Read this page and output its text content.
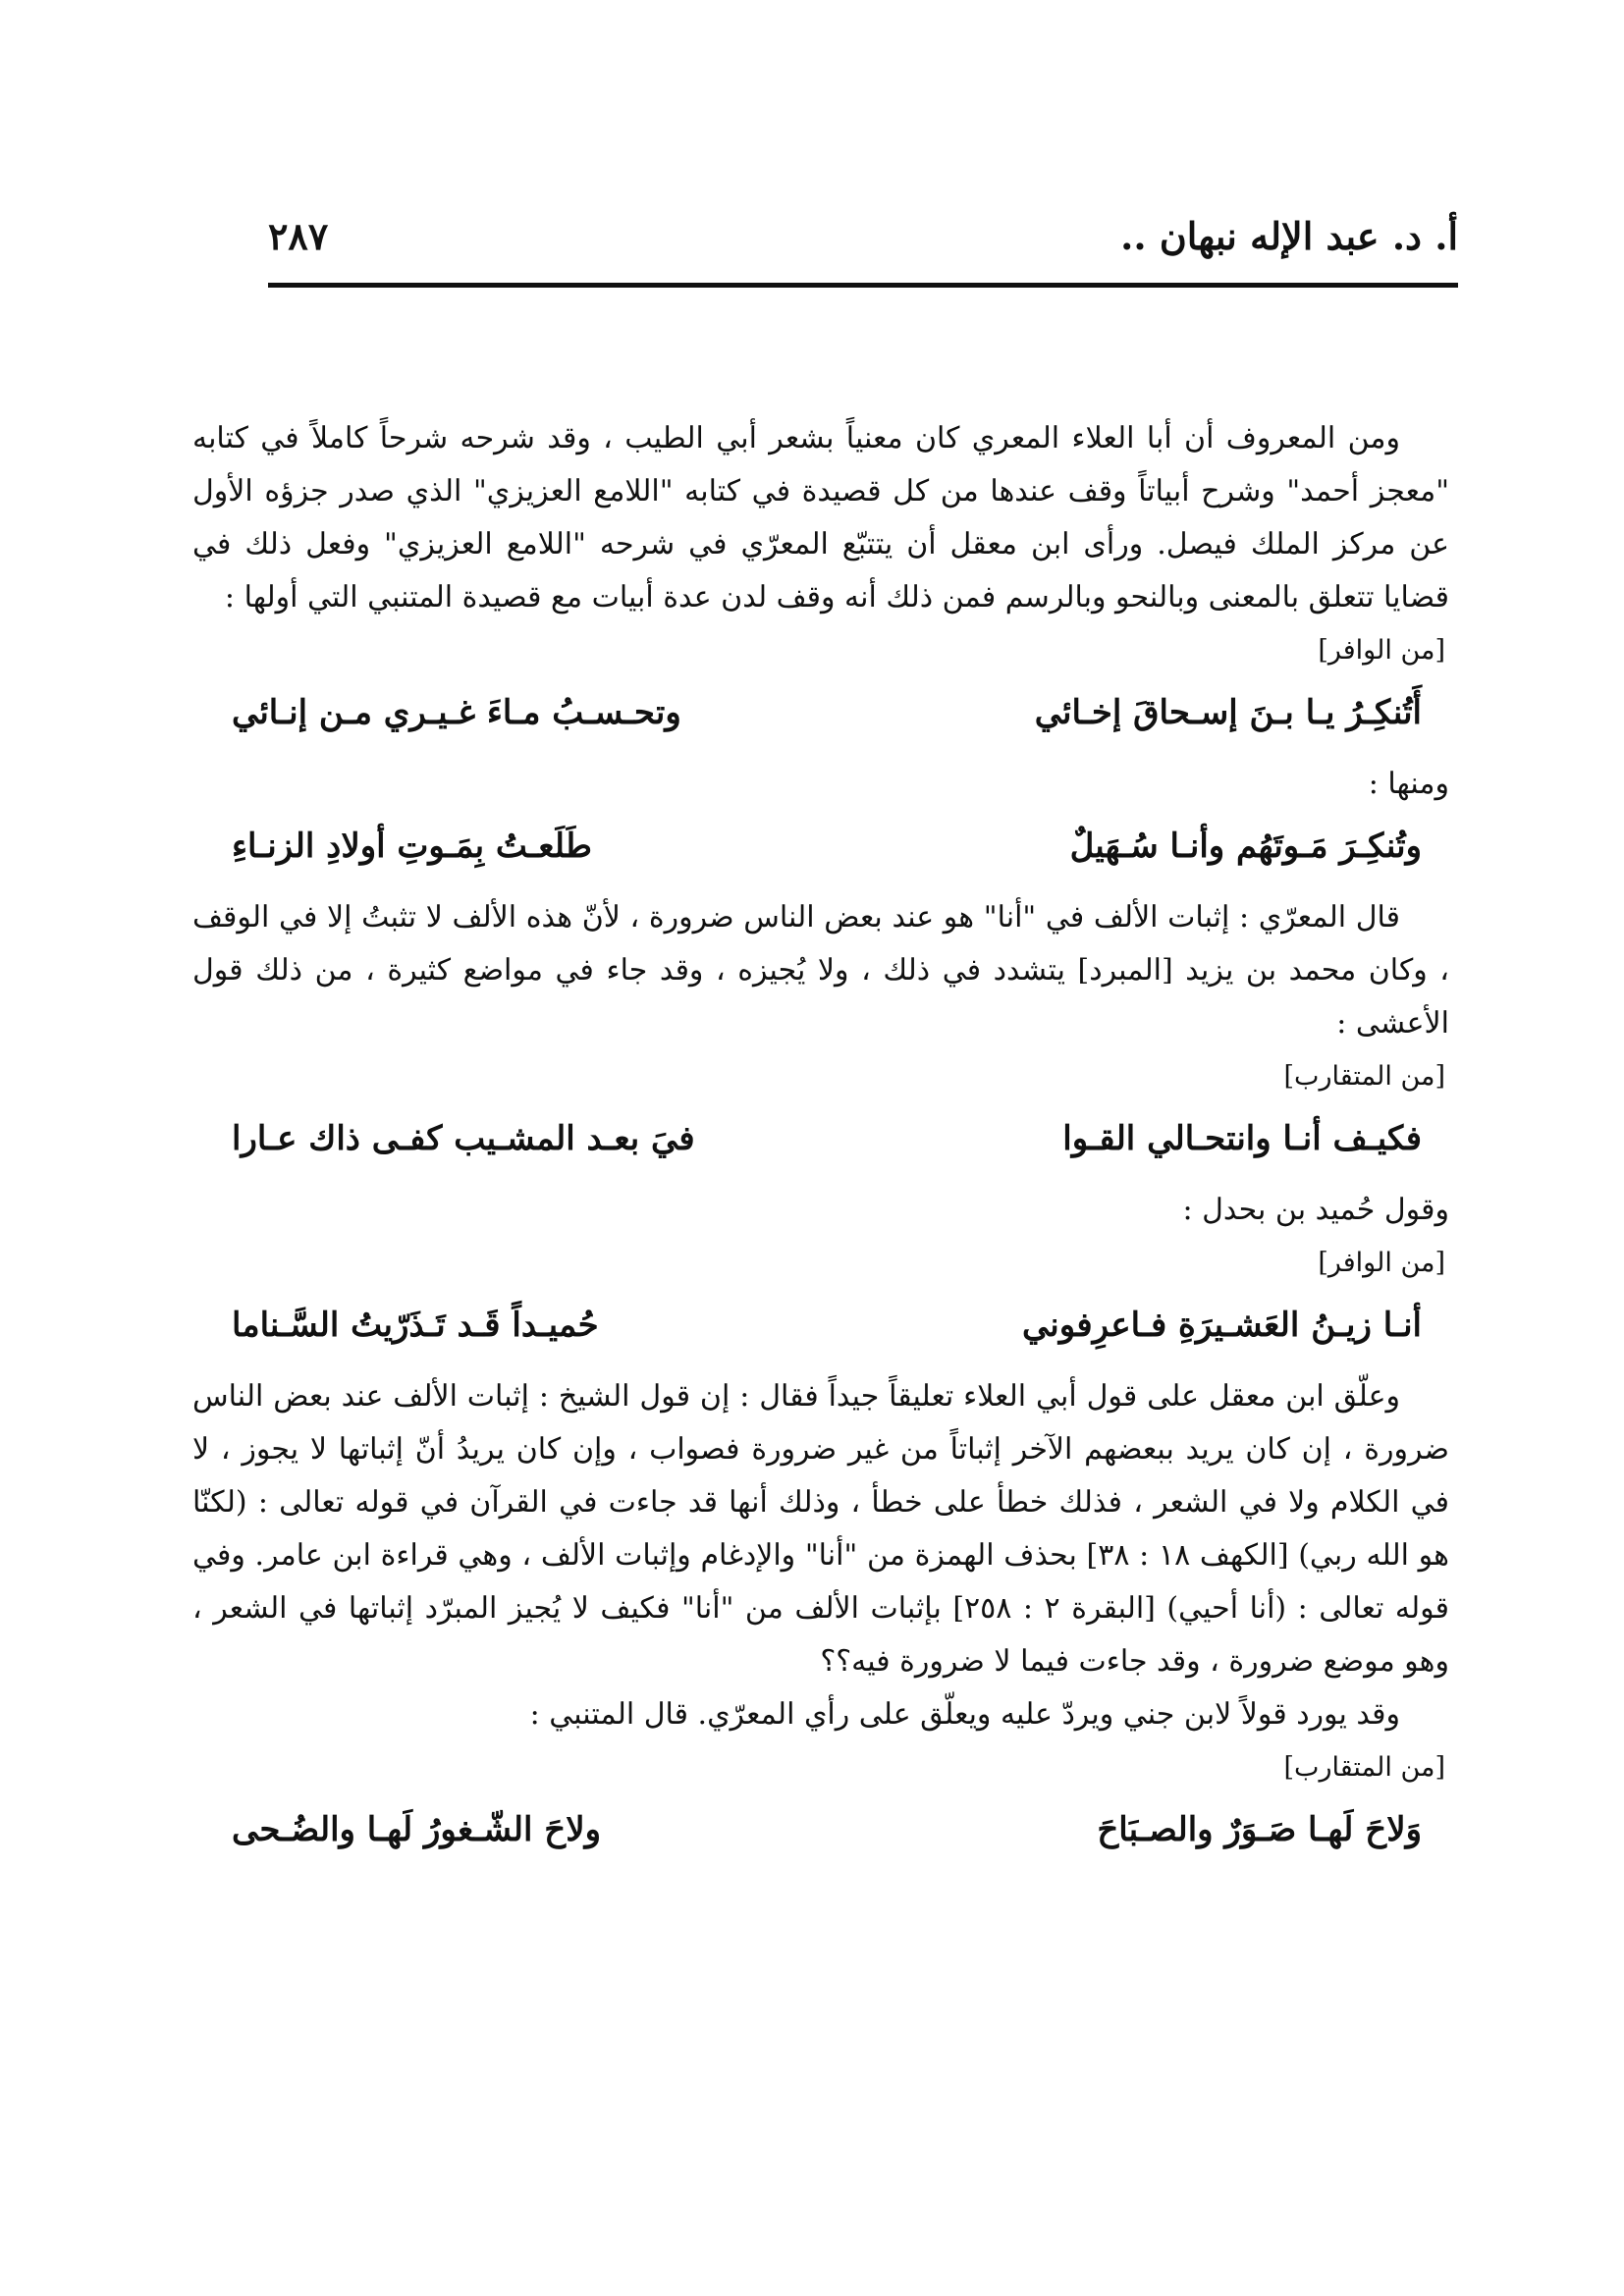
أ. د. عبد الإله نبهان ..
٢٨٧

ومن المعروف أن أبا العلاء المعري كان معنياً بشعر أبي الطيب ، وقد شرحه شرحاً كاملاً في كتابه "معجز أحمد" وشرح أبياتاً وقف عندها من كل قصيدة في كتابه "اللامع العزيزي" الذي صدر جزؤه الأول عن مركز الملك فيصل. ورأى ابن معقل أن يتتبّع المعرّي في شرحه "اللامع العزيزي" وفعل ذلك في قضايا تتعلق بالمعنى وبالنحو وبالرسم فمن ذلك أنه وقف لدن عدة أبيات مع قصيدة المتنبي التي أولها :

[من الوافر]

أَتُنكِـرُ يـا بـنَ إسـحاقَ إخـائي
وتحـسـبُ مـاءَ غـيـري مـن إنـائي

ومنها :

وتُنكِـرَ مَـوتَهُم وأنـا سُـهَيلٌ
طَلَعـتُ بِمَـوتِ أولادِ الزنـاءِ

قال المعرّي : إثبات الألف في "أنا" هو عند بعض الناس ضرورة ، لأنّ هذه الألف لا تثبتُ إلا في الوقف ، وكان محمد بن يزيد [المبرد] يتشدد في ذلك ، ولا يُجيزه ، وقد جاء في مواضع كثيرة ، من ذلك قول الأعشى :

[من المتقارب]

فكيـف أنـا وانتحـالي القـوا
فيَ بعـد المشـيب كفـى ذاك عـارا

وقول حُميد بن بحدل :

[من الوافر]

أنـا زيـنُ العَشـيرَةِ فـاعرِفوني
حُميـداً قَـد تَـذَرّيتُ السَّـناما

وعلّق ابن معقل على قول أبي العلاء تعليقاً جيداً فقال : إن قول الشيخ : إثبات الألف عند بعض الناس ضرورة ، إن كان يريد ببعضهم الآخر إثباتاً من غير ضرورة فصواب ، وإن كان يريدُ أنّ إثباتها لا يجوز ، لا في الكلام ولا في الشعر ، فذلك خطأ على خطأ ، وذلك أنها قد جاءت في القرآن في قوله تعالى : (لكنّا هو الله ربي) [الكهف ١٨ : ٣٨] بحذف الهمزة من "أنا" والإدغام وإثبات الألف ، وهي قراءة ابن عامر. وفي قوله تعالى : (أنا أحيي) [البقرة ٢ : ٢٥٨] بإثبات الألف من "أنا" فكيف لا يُجيز المبرّد إثباتها في الشعر ، وهو موضع ضرورة ، وقد جاءت فيما لا ضرورة فيه؟؟

وقد يورد قولاً لابن جني ويردّ عليه ويعلّق على رأي المعرّي. قال المتنبي :

[من المتقارب]

وَلاحَ لَهـا صَـوَرٌ والصـبَاحَ
ولاحَ الشّـغورُ لَهـا والضُـحى
